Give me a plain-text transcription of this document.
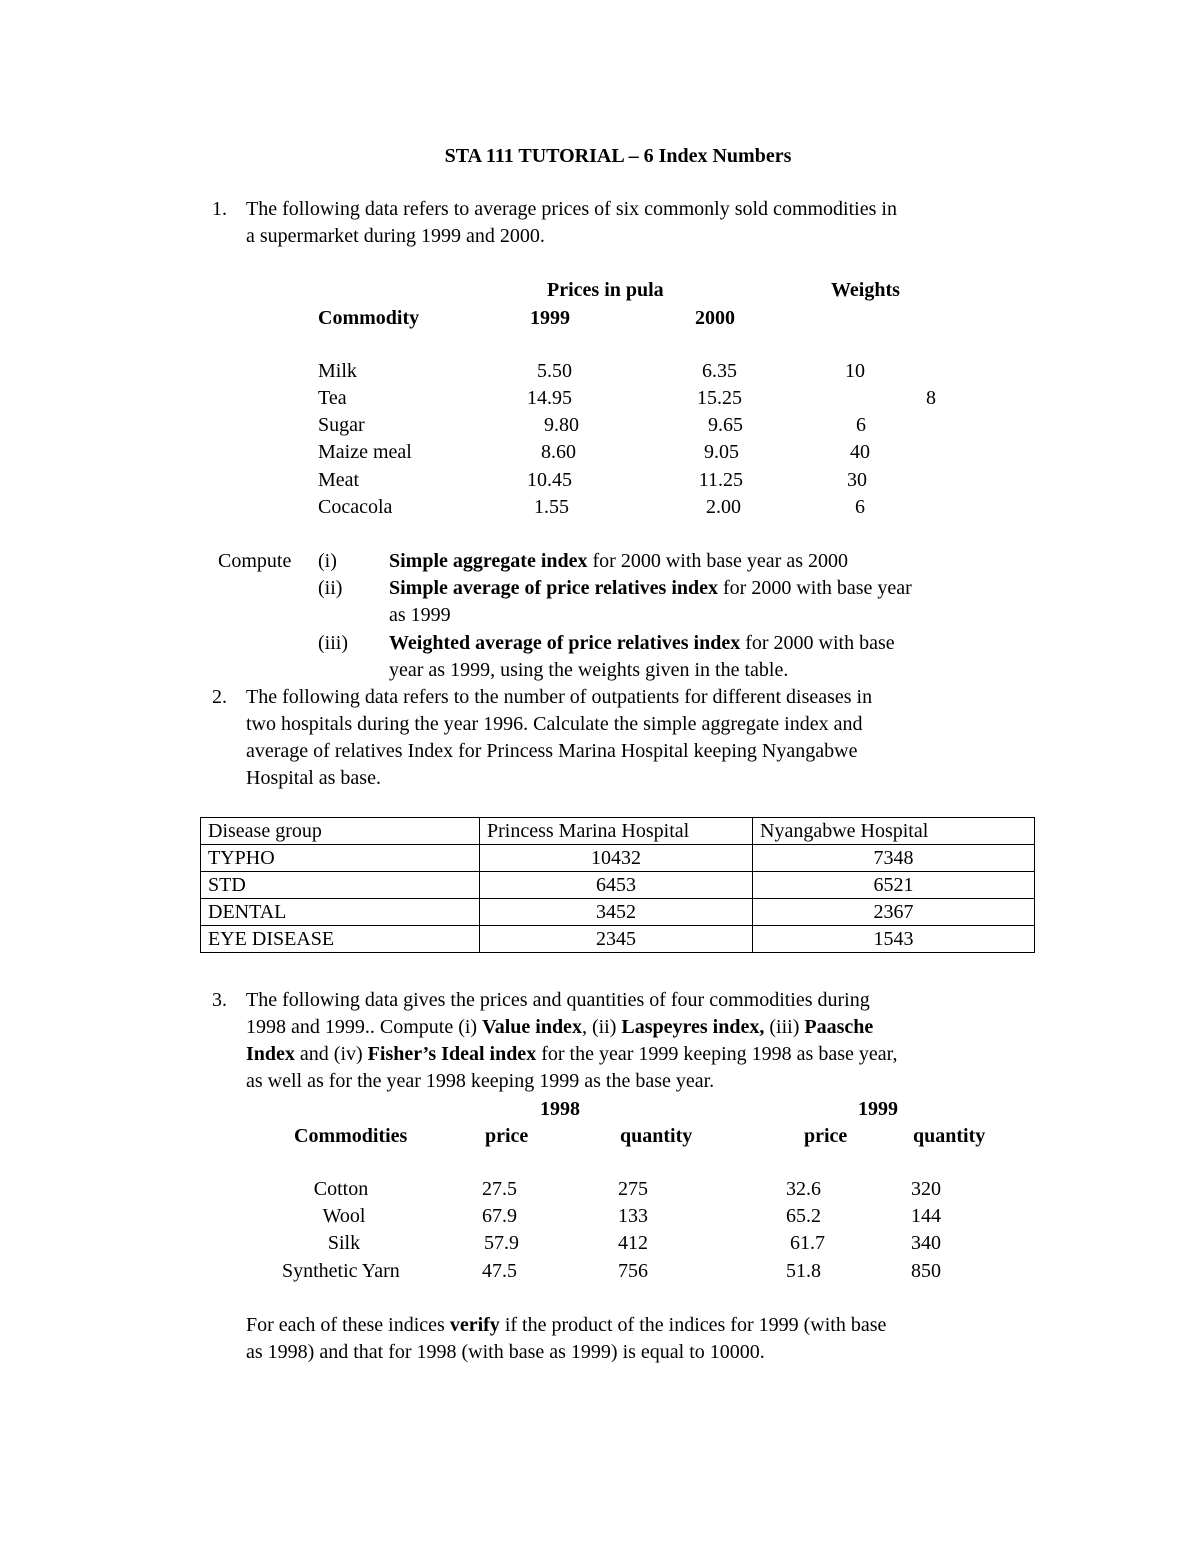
STA 111 TUTORIAL – 6 Index Numbers
1. The following data refers to average prices of six commonly sold commodities in
a supermarket during 1999 and 2000.
Prices in pula	Weights
Commodity	1999	2000
Milk	5.50	6.35	10
Tea	14.95	15.25	8
Sugar	9.80	9.65	6
Maize meal	8.60	9.05	40
Meat	10.45	11.25	30
Cocacola	1.55	2.00	6
Compute (i)	Simple aggregate index for 2000 with base year as 2000
(ii) Simple average of price relatives index for 2000 with base year
as 1999
(iii) Weighted average of price relatives index for 2000 with base
year as 1999, using the weights given in the table.
2. The following data refers to the number of outpatients for different diseases in
two hospitals during the year 1996. Calculate the simple aggregate index and
average of relatives Index for Princess Marina Hospital keeping Nyangabwe
Hospital as base.
Disease group	Princess Marina Hospital	Nyangabwe Hospital
TYPHO	10432	7348
STD	6453	6521
DENTAL	3452	2367
EYE DISEASE	2345	1543
3. The following data gives the prices and quantities of four commodities during
1998 and 1999.. Compute (i) Value index, (ii) Laspeyres index, (iii) Paasche
Index and (iv) Fisher’s Ideal index for the year 1999 keeping 1998 as base year,
as well as for the year 1998 keeping 1999 as the base year.
1998	1999
Commodities	price	quantity	price	quantity
Cotton	27.5	275	32.6	320
Wool	67.9	133	65.2	144
Silk	57.9	412	61.7	340
Synthetic Yarn	47.5	756	51.8	850
For each of these indices verify if the product of the indices for 1999 (with base
as 1998) and that for 1998 (with base as 1999) is equal to 10000.
